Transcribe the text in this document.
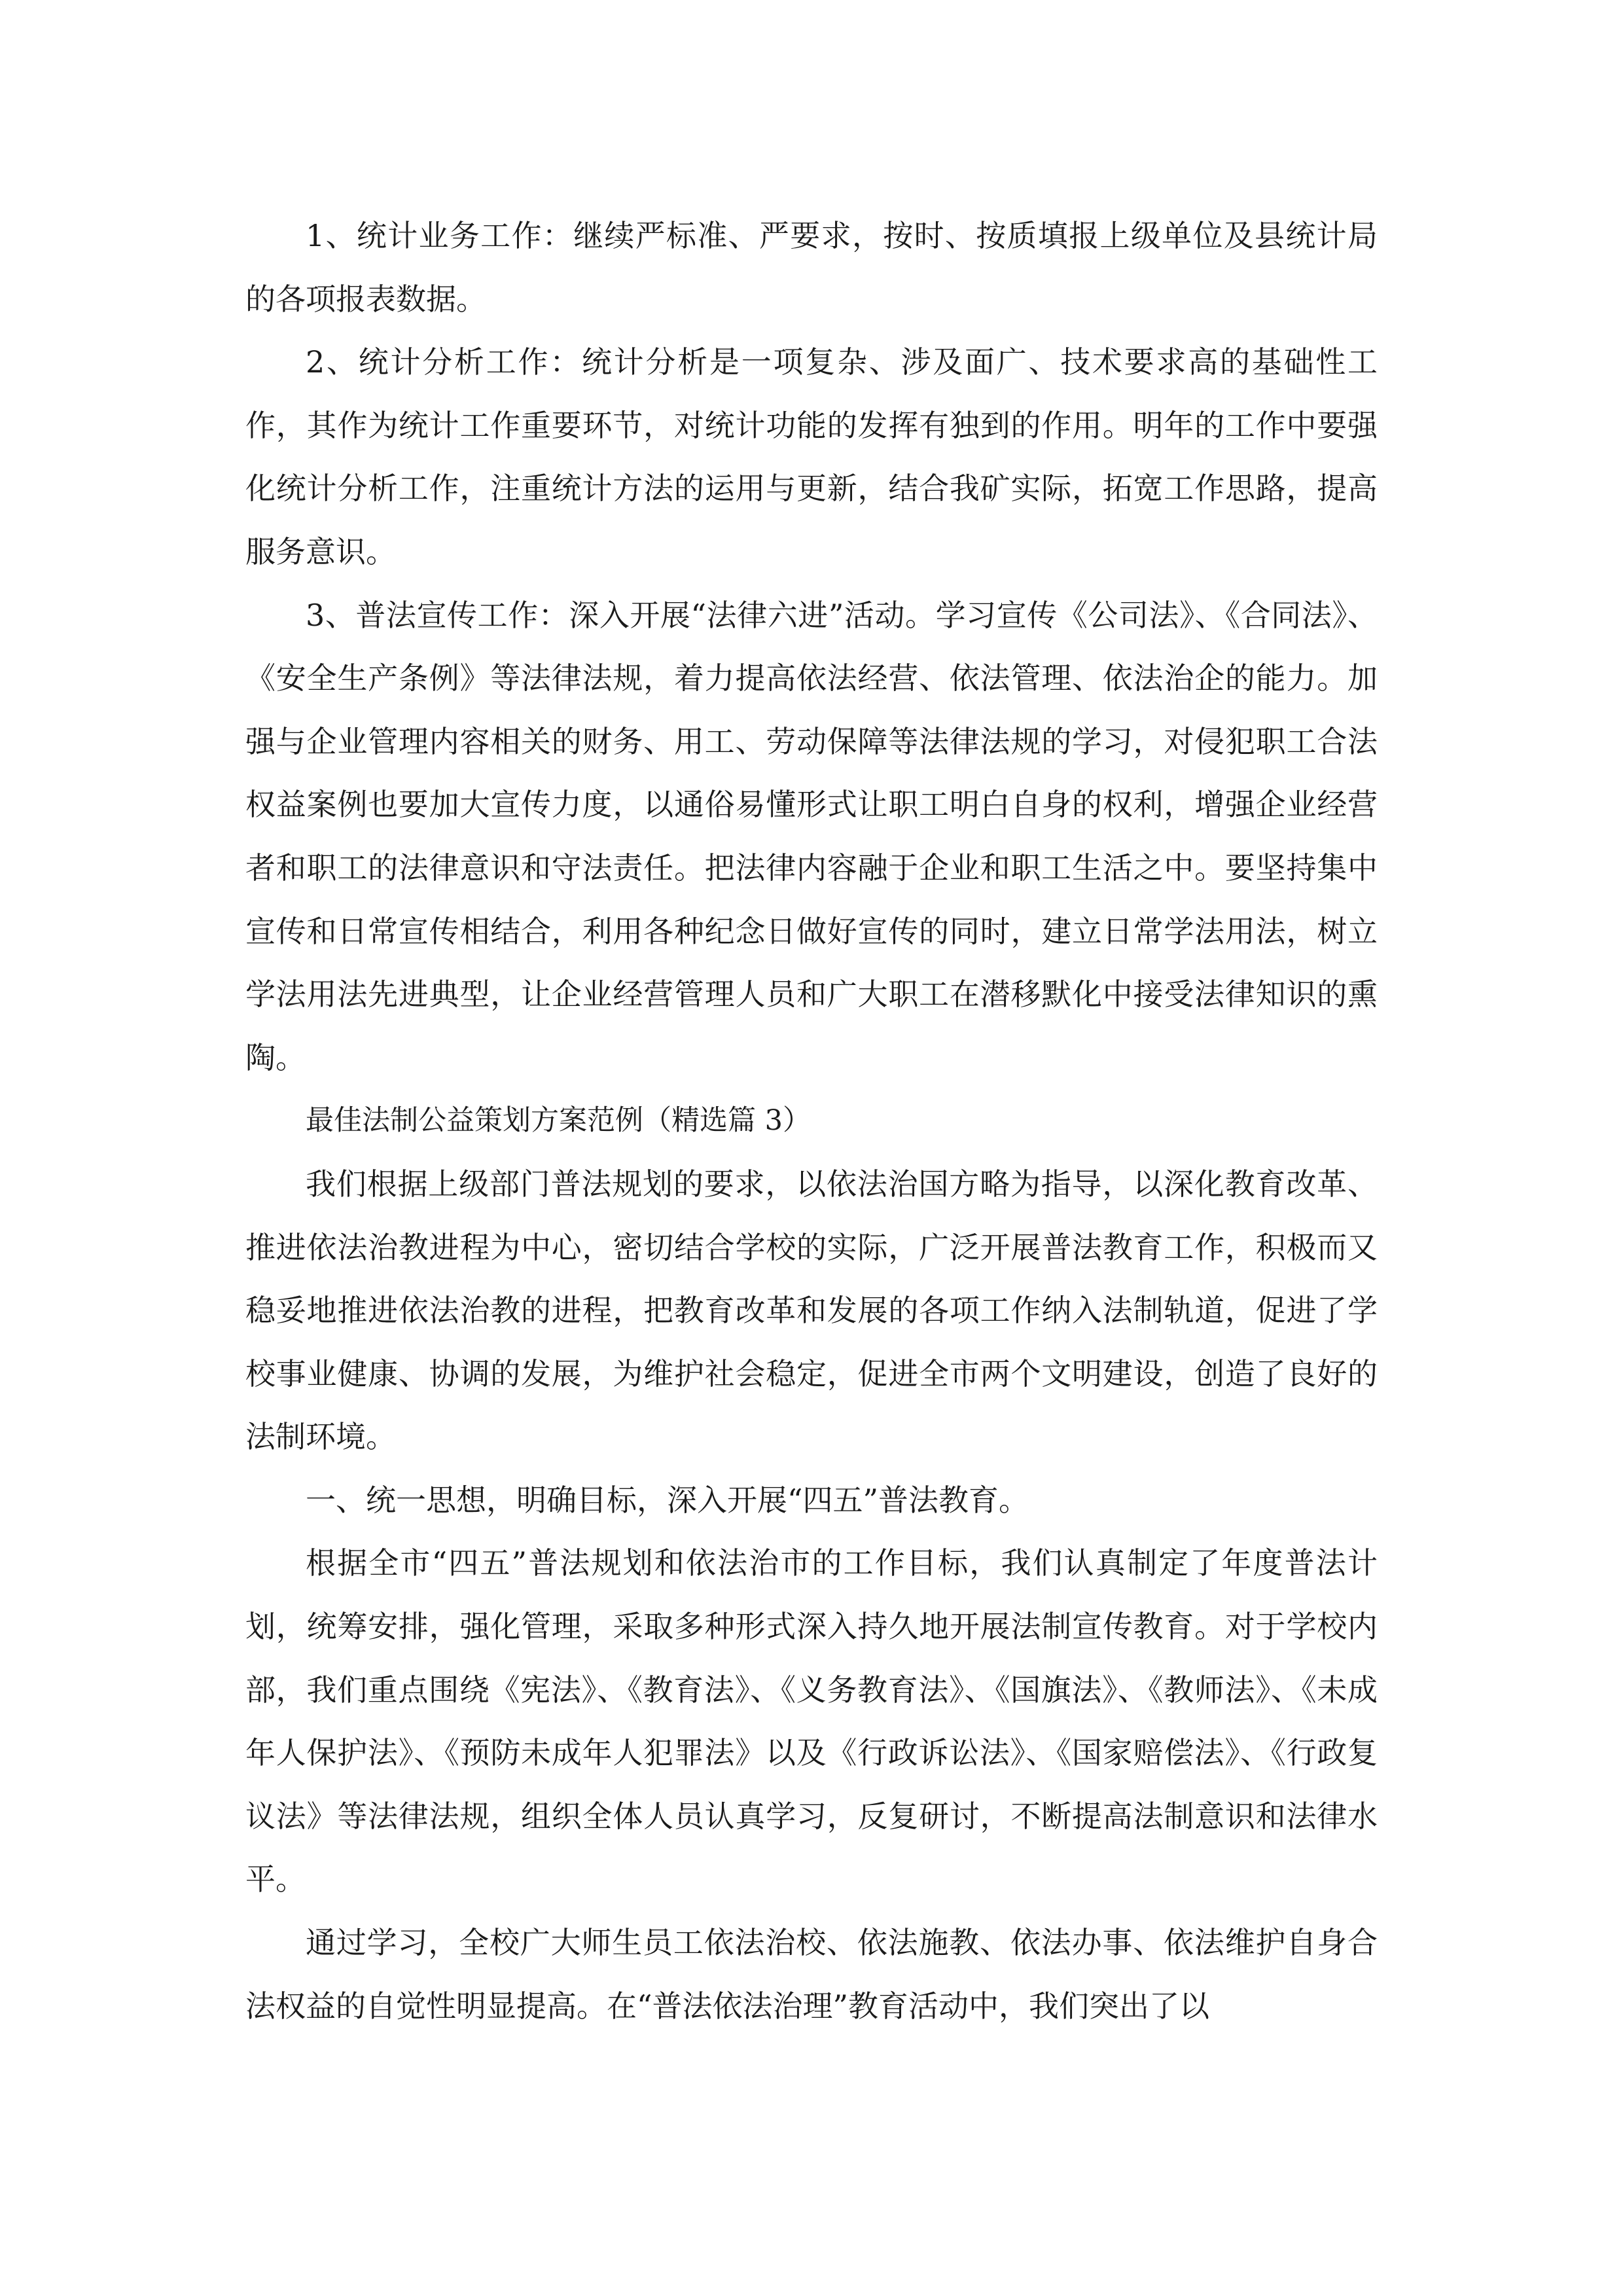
1、统计业务工作：继续严标准、严要求，按时、按质填报上级单位及县统计局的各项报表数据。

2、统计分析工作：统计分析是一项复杂、涉及面广、技术要求高的基础性工作，其作为统计工作重要环节，对统计功能的发挥有独到的作用。明年的工作中要强化统计分析工作，注重统计方法的运用与更新，结合我矿实际，拓宽工作思路，提高服务意识。

3、普法宣传工作：深入开展“法律六进”活动。学习宣传《公司法》、《合同法》、《安全生产条例》等法律法规，着力提高依法经营、依法管理、依法治企的能力。加强与企业管理内容相关的财务、用工、劳动保障等法律法规的学习，对侵犯职工合法权益案例也要加大宣传力度，以通俗易懂形式让职工明白自身的权利，增强企业经营者和职工的法律意识和守法责任。把法律内容融于企业和职工生活之中。要坚持集中宣传和日常宣传相结合，利用各种纪念日做好宣传的同时，建立日常学法用法，树立学法用法先进典型，让企业经营管理人员和广大职工在潜移默化中接受法律知识的熏陶。

最佳法制公益策划方案范例（精选篇 3）

我们根据上级部门普法规划的要求，以依法治国方略为指导，以深化教育改革、推进依法治教进程为中心，密切结合学校的实际，广泛开展普法教育工作，积极而又稳妥地推进依法治教的进程，把教育改革和发展的各项工作纳入法制轨道，促进了学校事业健康、协调的发展，为维护社会稳定，促进全市两个文明建设，创造了良好的法制环境。

一、统一思想，明确目标，深入开展“四五”普法教育。

根据全市“四五”普法规划和依法治市的工作目标，我们认真制定了年度普法计划，统筹安排，强化管理，采取多种形式深入持久地开展法制宣传教育。对于学校内部，我们重点围绕《宪法》、《教育法》、《义务教育法》、《国旗法》、《教师法》、《未成年人保护法》、《预防未成年人犯罪法》以及《行政诉讼法》、《国家赔偿法》、《行政复议法》等法律法规，组织全体人员认真学习，反复研讨，不断提高法制意识和法律水平。

通过学习，全校广大师生员工依法治校、依法施教、依法办事、依法维护自身合法权益的自觉性明显提高。在“普法依法治理”教育活动中，我们突出了以
